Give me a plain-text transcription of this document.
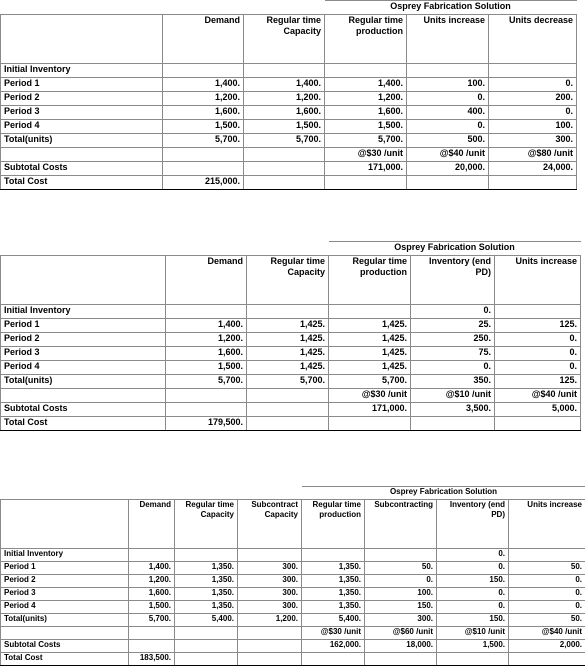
			Osprey Fabrication Solution		
	Demand	Regular time Capacity	Regular time production	Units increase	Units decrease
Initial Inventory					
Period 1	1,400.	1,400.	1,400.	100.	0.
Period 2	1,200.	1,200.	1,200.	0.	200.
Period 3	1,600.	1,600.	1,600.	400.	0.
Period 4	1,500.	1,500.	1,500.	0.	100.
Total(units)	5,700.	5,700.	5,700.	500.	300.
			@$30 /unit	@$40 /unit	@$80 /unit
Subtotal Costs			171,000.	20,000.	24,000.
Total Cost	215,000.				
			Osprey Fabrication Solution		
	Demand	Regular time Capacity	Regular time production	Inventory (end PD)	Units increase
Initial Inventory				0.	
Period 1	1,400.	1,425.	1,425.	25.	125.
Period 2	1,200.	1,425.	1,425.	250.	0.
Period 3	1,600.	1,425.	1,425.	75.	0.
Period 4	1,500.	1,425.	1,425.	0.	0.
Total(units)	5,700.	5,700.	5,700.	350.	125.
			@$30 /unit	@$10 /unit	@$40 /unit
Subtotal Costs			171,000.	3,500.	5,000.
Total Cost	179,500.				
				Osprey Fabrication Solution			
	Demand	Regular time Capacity	Subcontract Capacity	Regular time production	Subcontracting	Inventory (end PD)	Units increase
Initial Inventory						0.	
Period 1	1,400.	1,350.	300.	1,350.	50.	0.	50.
Period 2	1,200.	1,350.	300.	1,350.	0.	150.	0.
Period 3	1,600.	1,350.	300.	1,350.	100.	0.	0.
Period 4	1,500.	1,350.	300.	1,350.	150.	0.	0.
Total(units)	5,700.	5,400.	1,200.	5,400.	300.	150.	50.
				@$30 /unit	@$60 /unit	@$10 /unit	@$40 /unit
Subtotal Costs				162,000.	18,000.	1,500.	2,000.
Total Cost	183,500.						
